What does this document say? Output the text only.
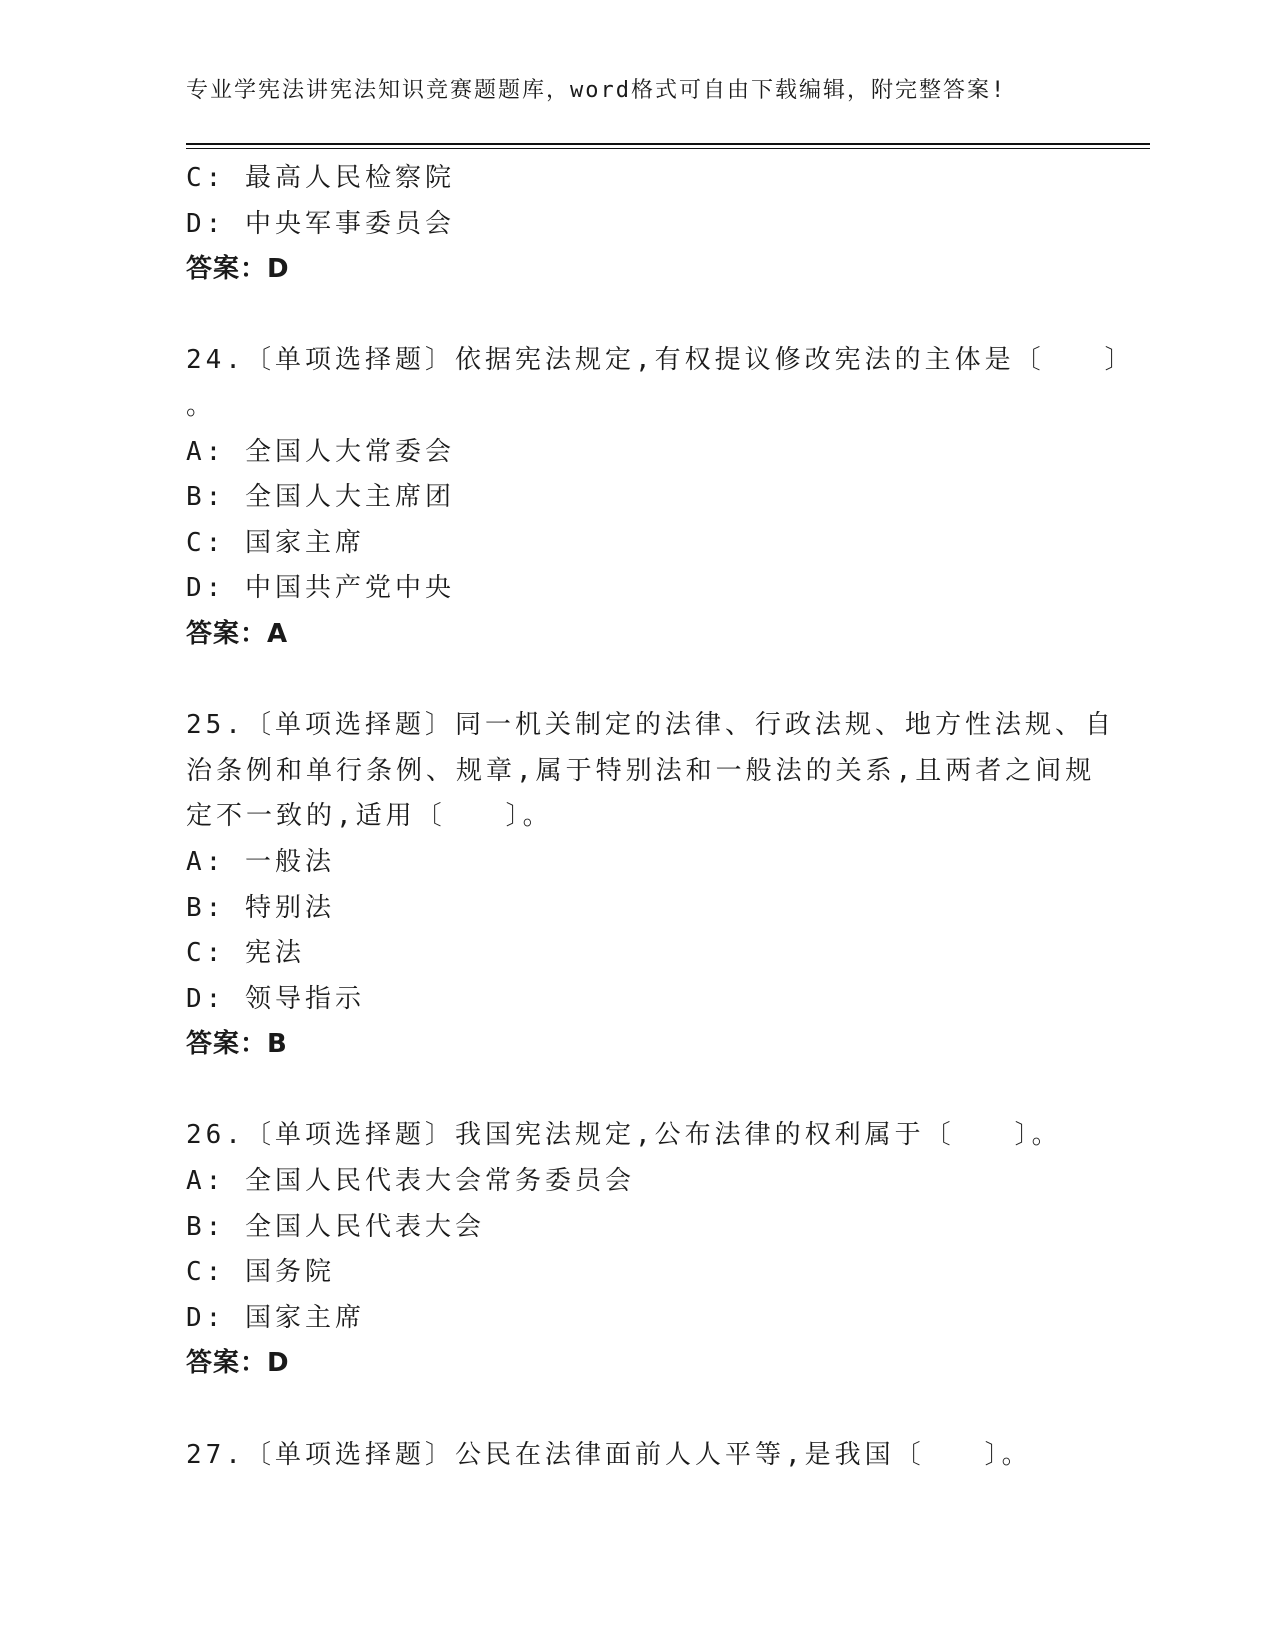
专业学宪法讲宪法知识竞赛题题库，word格式可自由下载编辑，附完整答案!
C: 最高人民检察院
D: 中央军事委员会
答案：D
24.〔单项选择题〕依据宪法规定,有权提议修改宪法的主体是〔　　〕
。
A: 全国人大常委会
B: 全国人大主席团
C: 国家主席
D: 中国共产党中央
答案：A
25.〔单项选择题〕同一机关制定的法律、行政法规、地方性法规、自
治条例和单行条例、规章,属于特别法和一般法的关系,且两者之间规
定不一致的,适用〔　　〕。
A: 一般法
B: 特别法
C: 宪法
D: 领导指示
答案：B
26.〔单项选择题〕我国宪法规定,公布法律的权利属于〔　　〕。
A: 全国人民代表大会常务委员会
B: 全国人民代表大会
C: 国务院
D: 国家主席
答案：D
27.〔单项选择题〕公民在法律面前人人平等,是我国〔　　〕。
